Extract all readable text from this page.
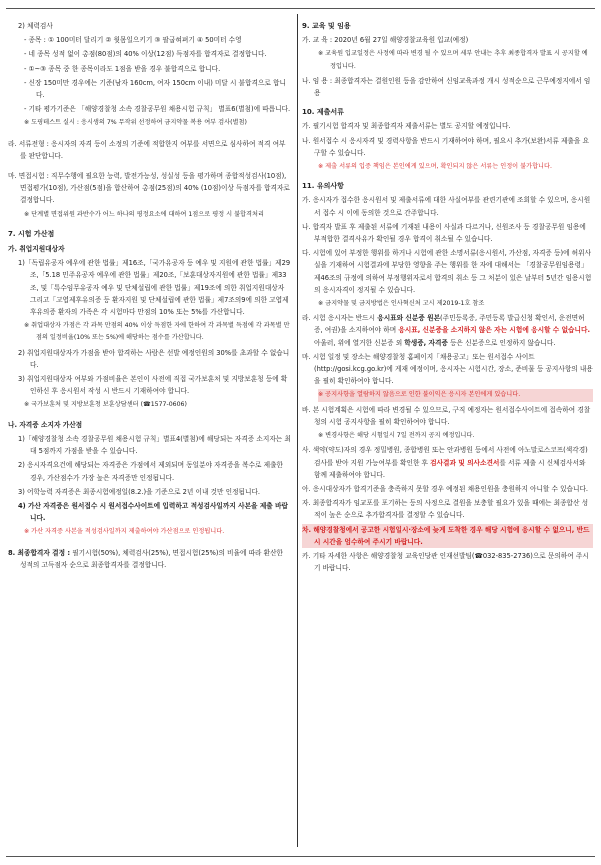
2) 체력검사

- 종목 : ① 100미터 달리기 ② 윗몸일으키기 ③ 팔굽혀펴기 ④ 50미터 수영

- 네 종목 성적 없이 총점(80점)의 40% 이상(12점) 득점자를 합격자로 결정합니다.

- ①~③ 종목 중 한 종목이라도 1점을 받을 경우 불합격으로 합니다.

- 신장 150미만 경우에는 기준(남자 160cm, 여자 150cm 이내) 미달 시 불합격으로 합니다.

- 기타 평가기준은 「해양경찰청 소속 경찰공무원 채용시험 규칙」 별표6(별첨)에 따릅니다.

※ 도핑테스트 실시 : 응시생의 7% 무작위 선정하여 금지약물 복용 여부 검사(별첨)

라. 서류전형 : 응시자의 자격 등이 소정의 기준에 적합한지 여부를 서면으로 심사하여 적격 여부를 판단합니다.

마. 면접시험 : 직무수행에 필요한 능력, 발전가능성, 성실성 등을 평가하며 종합적성검사(10점), 면접평가(10점), 가산점(5점)을 합산하여 총점(25점)의 40% (10점)이상 득점자를 합격자로 결정합니다.

※ 단계별 면접위원 과반수가 어느 하나의 평정요소에 대하여 1점으로 평정 시 불합격처리

7. 시험 가산점

가. 취업지원대상자

1)「독립유공자 예우에 관한 법률」제16조,「국가유공자 등 예우 및 지원에 관한 법률」제29조,「5.18 민주유공자 예우에 관한 법률」제20조,「보훈대상자지원에 관한 법률」제33조, 및「특수임무유공자 예우 및 단체설립에 관한 법률」제19조에 의한 취업지원대상자 그리고「고엽제후유의증 등 환자지원 및 단체설립에 관한 법률」제7조의9에 의한 고엽제후유의증 환자의 가족은 각 시험마다 만점의 10% 또는 5%를 가산합니다.

※ 취업대상자 가점은 각 과목 만점의 40% 이상 득점한 자에 한하여 각 과목별 득점에 각 과목별 만점의 일정비율(10% 또는 5%)에 해당하는 점수를 가산합니다.

2) 취업지원대상자가 가점을 받아 합격하는 사람은 선발 예정인원의 30%를 초과할 수 없습니다.

3) 취업지원대상자 여부와 가점비율은 본인이 사전에 직접 국가보훈처 및 지방보훈청 등에 확인하신 후 응시원서 작성 시 반드시 기재하여야 합니다.

※ 국가보훈처 및 지방보훈청 보훈상담센터 (☎1577-0606)

나. 자격증 소지자 가산점

1)「해양경찰청 소속 경찰공무원 채용시험 규칙」별표4(별첨)에 해당되는 자격증 소지자는 최대 5점까지 가점을 받을 수 있습니다.

2) 응시자격요건에 해당되는 자격증은 가점에서 제외되며 동일분야 자격증을 복수로 제출한 경우, 가산점수가 가장 높은 자격증만 인정됩니다.

3) 어학능력 자격증은 최종시험예정일(8.2.)을 기준으로 2년 이내 것만 인정됩니다.

4) 가산 자격증은 원서접수 시 원서접수사이트에 입력하고 적성검사일까지 사본을 제출 바랍니다.

※ 가산 자격증 사본을 적성검사일까지 제출하여야 가산점으로 인정됩니다.

8. 최종합격자 결정 : 필기시험(50%), 체력검사(25%), 면접시험(25%)의 비율에 따라 환산한 성적의 고득점자 순으로 최종합격자를 결정합니다.

9. 교육 및 임용

가. 교 육 : 2020년 6월 27일 해양경찰교육원 입교(예정)

※ 교육원 입교일정은 사정에 따라 변경 될 수 있으며 세부 안내는 추후 최종합격자 발표 시 공지할 예정입니다.

나. 임 용 : 최종합격자는 결원인원 등을 감안하여 신임교육과정 개시 성적순으로 근무예정지에서 임용

10. 제출서류

가. 필기시험 합격자 및 최종합격자 제출서류는 별도 공지할 예정입니다.

나. 원서접수 시 응시자격 및 경력사항을 반드시 기재하여야 하며, 필요시 추가(보완)서류 제출을 요구할 수 있습니다.

※ 제출 서류의 입증 책임은 본인에게 있으며, 확인되지 않은 서류는 인정이 불가합니다.

11. 유의사항

가. 응시자가 접수한 응시원서 및 제출서류에 대한 사실여부를 관련기관에 조회할 수 있으며, 응시원서 접수 시 이에 동의한 것으로 간주합니다.

나. 합격자 발표 후 제출된 서류에 기재된 내용이 사실과 다르거나, 신원조사 등 경찰공무원 임용에 부적합한 결격사유가 확인될 경우 합격이 취소될 수 있습니다.

다. 시험에 있어 부정한 행위를 하거나 시험에 관한 소명서류(응시원서, 가산점, 자격증 등)에 허위사실을 기재하여 시험결과에 부당한 영향을 주는 행위를 한 자에 대해서는 「경찰공무원임용령」제46조의 규정에 의하여 부정행위자로서 합격의 취소 등 그 처분이 있은 날부터 5년간 임용시험의 응시자격이 정지될 수 있습니다.

※ 금지약물 및 금지방법은 인사혁신처 고시 제2019-1호 참조

라. 시험 응시자는 반드시 응시표와 신분증 원본(주민등록증, 주민등록 발급신청 확인서, 운전면허증, 여권)을 소지하여야 하며 응시표, 신분증을 소지하지 않은 자는 시험에 응시할 수 없습니다. 아울러, 위에 열거한 신분증 외 학생증, 자격증 등은 신분증으로 인정하지 않습니다.

마. 시험 일정 및 장소는 해양경찰청 홈페이지「채용공고」또는 원서접수 사이트(http://gosi.kcg.go.kr)에 게재 예정이며, 응시자는 시험시간, 장소, 준비물 등 공지사항의 내용을 필히 확인하여야 합니다.

※ 공지사항을 열람하지 않음으로 인한 불이익은 응시자 본인에게 있습니다.

바. 본 시험계획은 시험에 따라 변경될 수 있으므로, 구직 예정자는 원서접수사이트에 접속하여 경찰청의 시험 공지사항을 필히 확인하여야 합니다.

※ 변경사항은 해당 시험일시 7일 전까지 공지 예정입니다.

사. 색약(약도)자의 경우 정밀병원, 종합병원 또는 안과병원 등에서 사전에 아노말로스코프(색각경) 검사를 받아 지원 가능여부를 확인한 후 검사결과 및 의사소견서를 서류 제출 시 신체검사서와 함께 제출하여야 합니다.

아. 응시대상자가 합격기준을 충족하지 못할 경우 예정된 채용인원을 충원하지 아니할 수 있습니다.

자. 최종합격자가 임교포를 포기하는 등의 사정으로 결원을 보충할 필요가 있을 때에는 최종합산 성적이 높은 순으로 추가합격자를 결정할 수 있습니다.

차. 해양경찰청에서 공고한 시험일시·장소에 늦게 도착한 경우 해당 시험에 응시할 수 없으니, 반드시 시간을 엄수하여 주시기 바랍니다.

카. 기타 자세한 사항은 해양경찰청 교육인당관 인재선발팀(☎032-835-2736)으로 문의하여 주시기 바랍니다.
